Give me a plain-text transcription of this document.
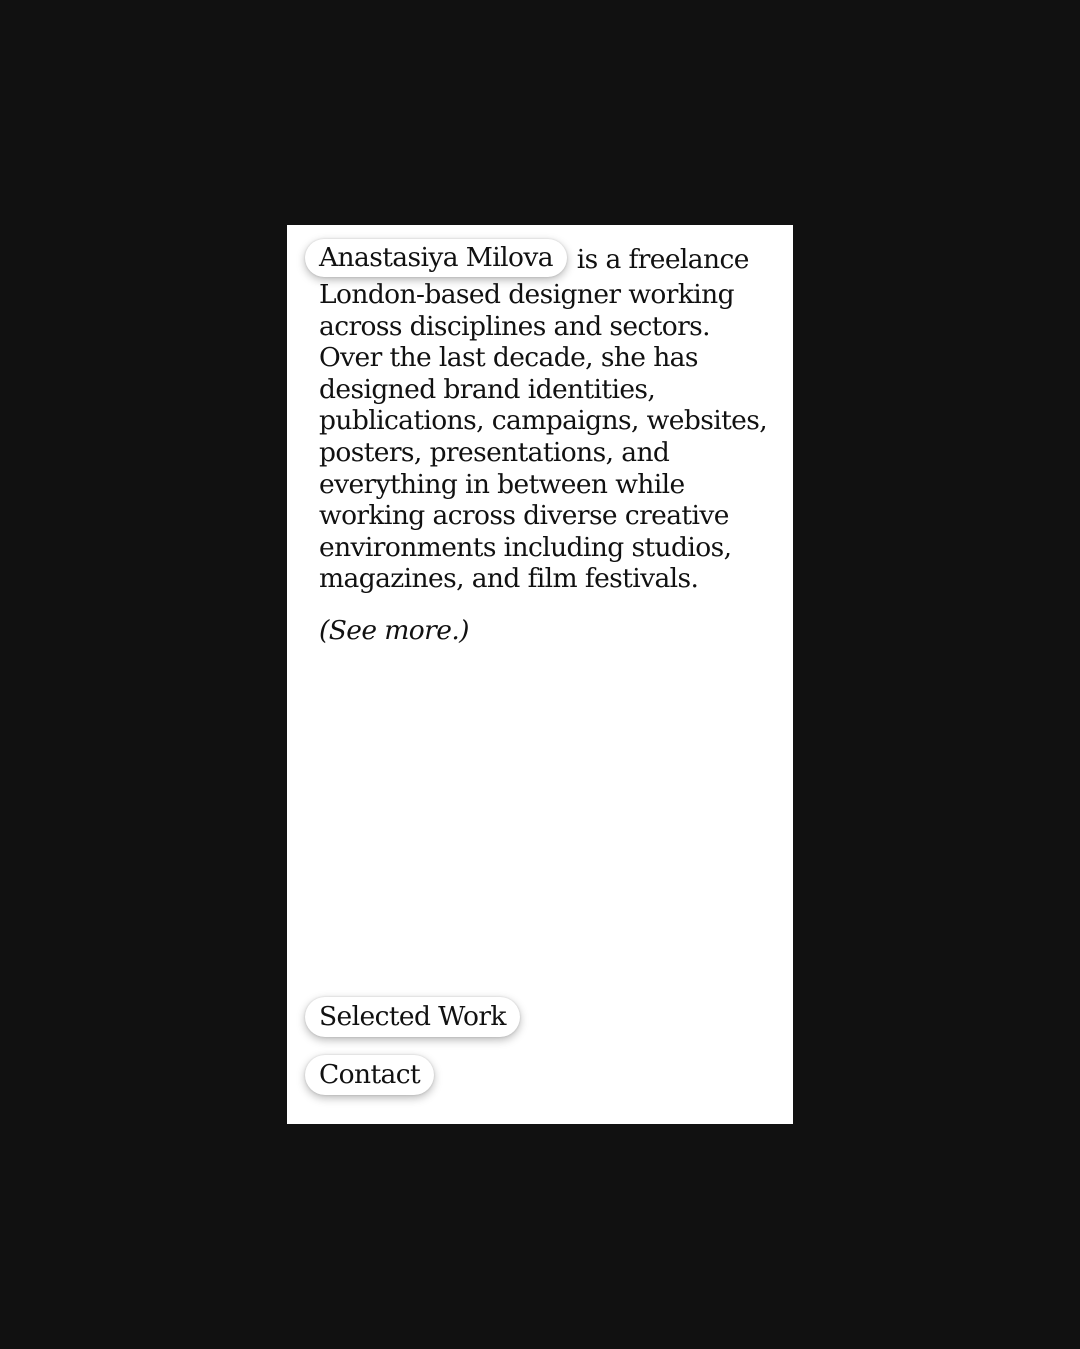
Anastasiya Milova is a freelance London-based designer working across disciplines and sectors. Over the last decade, she has designed brand identities, publications, campaigns, websites, posters, presentations, and everything in between while working across diverse creative environments including studios, magazines, and film festivals.

(See more.)

Selected Work
Contact
